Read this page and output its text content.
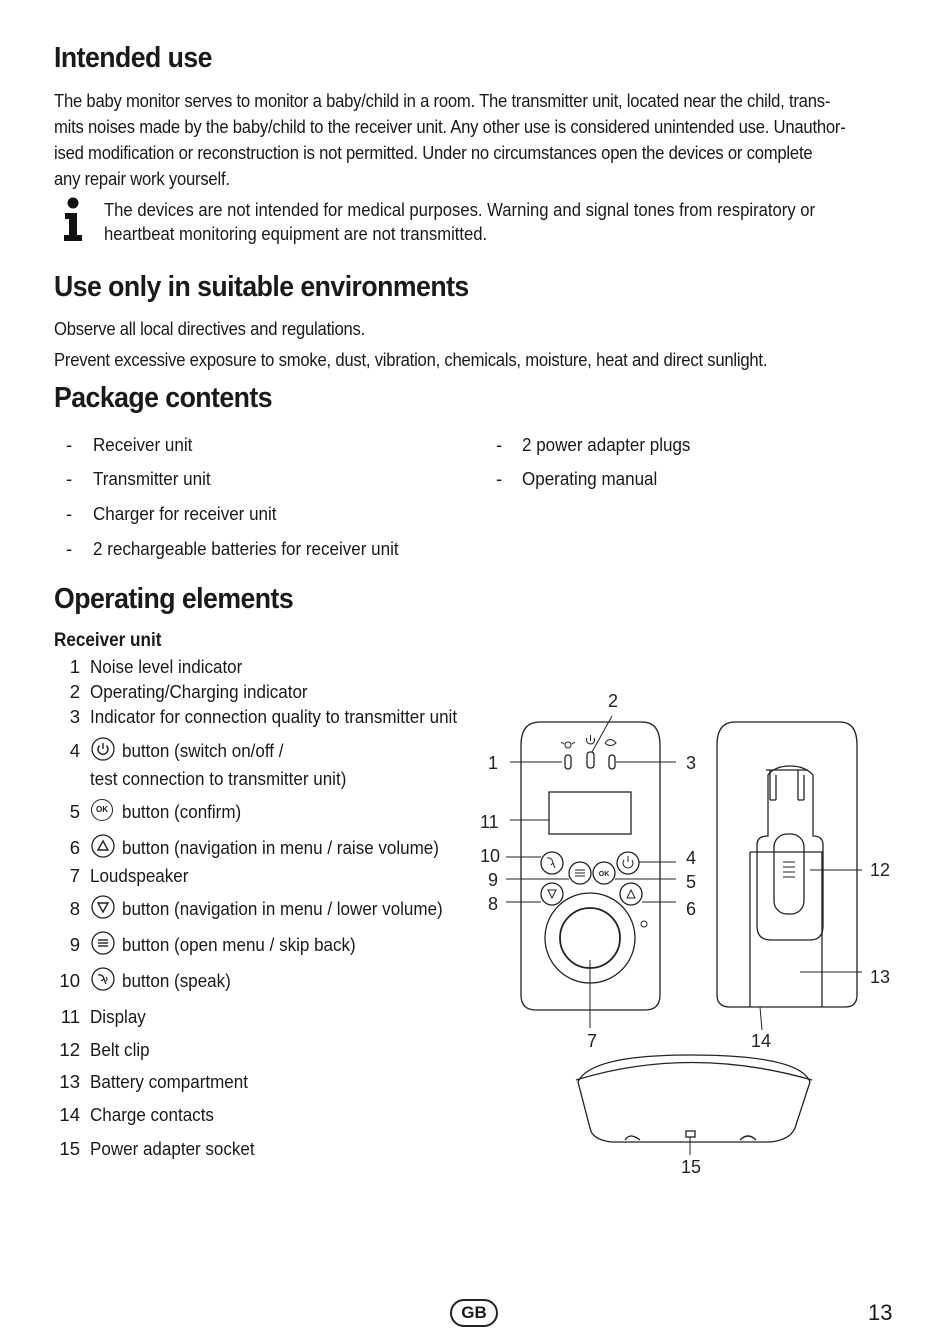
Intended use
The baby monitor serves to monitor a baby/child in a room. The transmitter unit, located near the child, trans-
mits noises made by the baby/child to the receiver unit. Any other use is considered unintended use. Unauthor-
ised modification or reconstruction is not permitted. Under no circumstances open the devices or complete
any repair work yourself.
The devices are not intended for medical purposes. Warning and signal tones from respiratory or
heartbeat monitoring equipment are not transmitted.
Use only in suitable environments
Observe all local directives and regulations.
Prevent excessive exposure to smoke, dust, vibration, chemicals, moisture, heat and direct sunlight.
Package contents
- Receiver unit
- Transmitter unit
- Charger for receiver unit
- 2 rechargeable batteries for receiver unit
- 2 power adapter plugs
- Operating manual
Operating elements
Receiver unit
1 Noise level indicator
2 Operating/Charging indicator
3 Indicator for connection quality to transmitter unit
4 button (switch on/off /
test connection to transmitter unit)
5	OK button (confirm)
6 button (navigation in menu / raise volume)
7 Loudspeaker
8 button (navigation in menu / lower volume)
9 button (open menu / skip back)
10 button (speak)
11 Display
12 Belt clip
13 Battery compartment
14 Charge contacts
15 Power adapter socket
OK
1
2
3
4
5
6
7
8
9
10
11
12
13
14
15
GB	13
